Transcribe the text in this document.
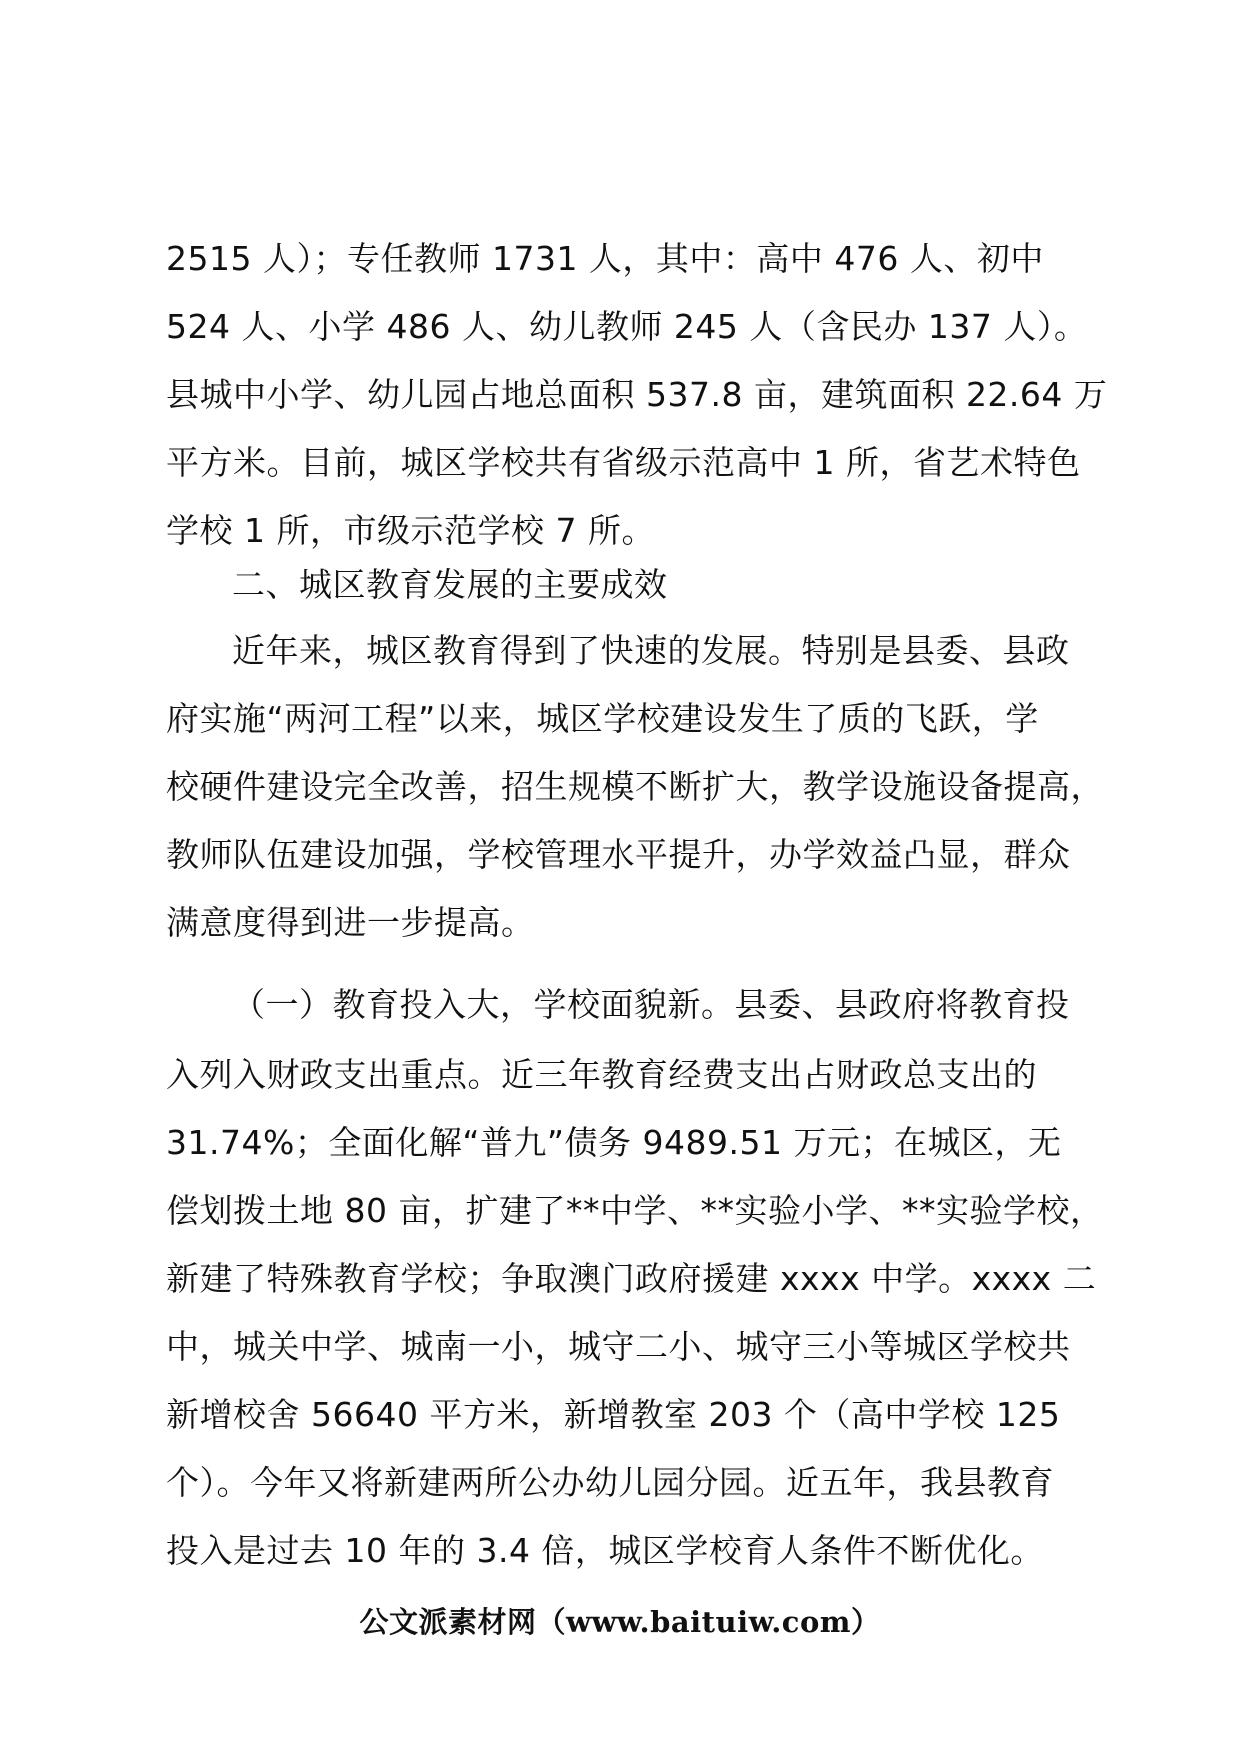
2515 人）；专任教师 1731 人，其中：高中 476 人、初中
524 人、小学 486 人、幼儿教师 245 人（含民办 137 人）。
县城中小学、幼儿园占地总面积 537.8 亩，建筑面积 22.64 万
平方米。目前，城区学校共有省级示范高中 1 所，省艺术特色
学校 1 所，市级示范学校 7 所。
二、城区教育发展的主要成效
近年来，城区教育得到了快速的发展。特别是县委、县政
府实施“两河工程”以来，城区学校建设发生了质的飞跃，学
校硬件建设完全改善，招生规模不断扩大，教学设施设备提高，
教师队伍建设加强，学校管理水平提升，办学效益凸显，群众
满意度得到进一步提高。
（一）教育投入大，学校面貌新。县委、县政府将教育投
入列入财政支出重点。近三年教育经费支出占财政总支出的
31.74%；全面化解“普九”债务 9489.51 万元；在城区，无
偿划拨土地 80 亩，扩建了**中学、**实验小学、**实验学校，
新建了特殊教育学校；争取澳门政府援建 xxxx 中学。xxxx 二
中，城关中学、城南一小，城守二小、城守三小等城区学校共
新增校舍 56640 平方米，新增教室 203 个（高中学校 125
个）。今年又将新建两所公办幼儿园分园。近五年，我县教育
投入是过去 10 年的 3.4 倍，城区学校育人条件不断优化。
公文派素材网（www.baituiw.com）
